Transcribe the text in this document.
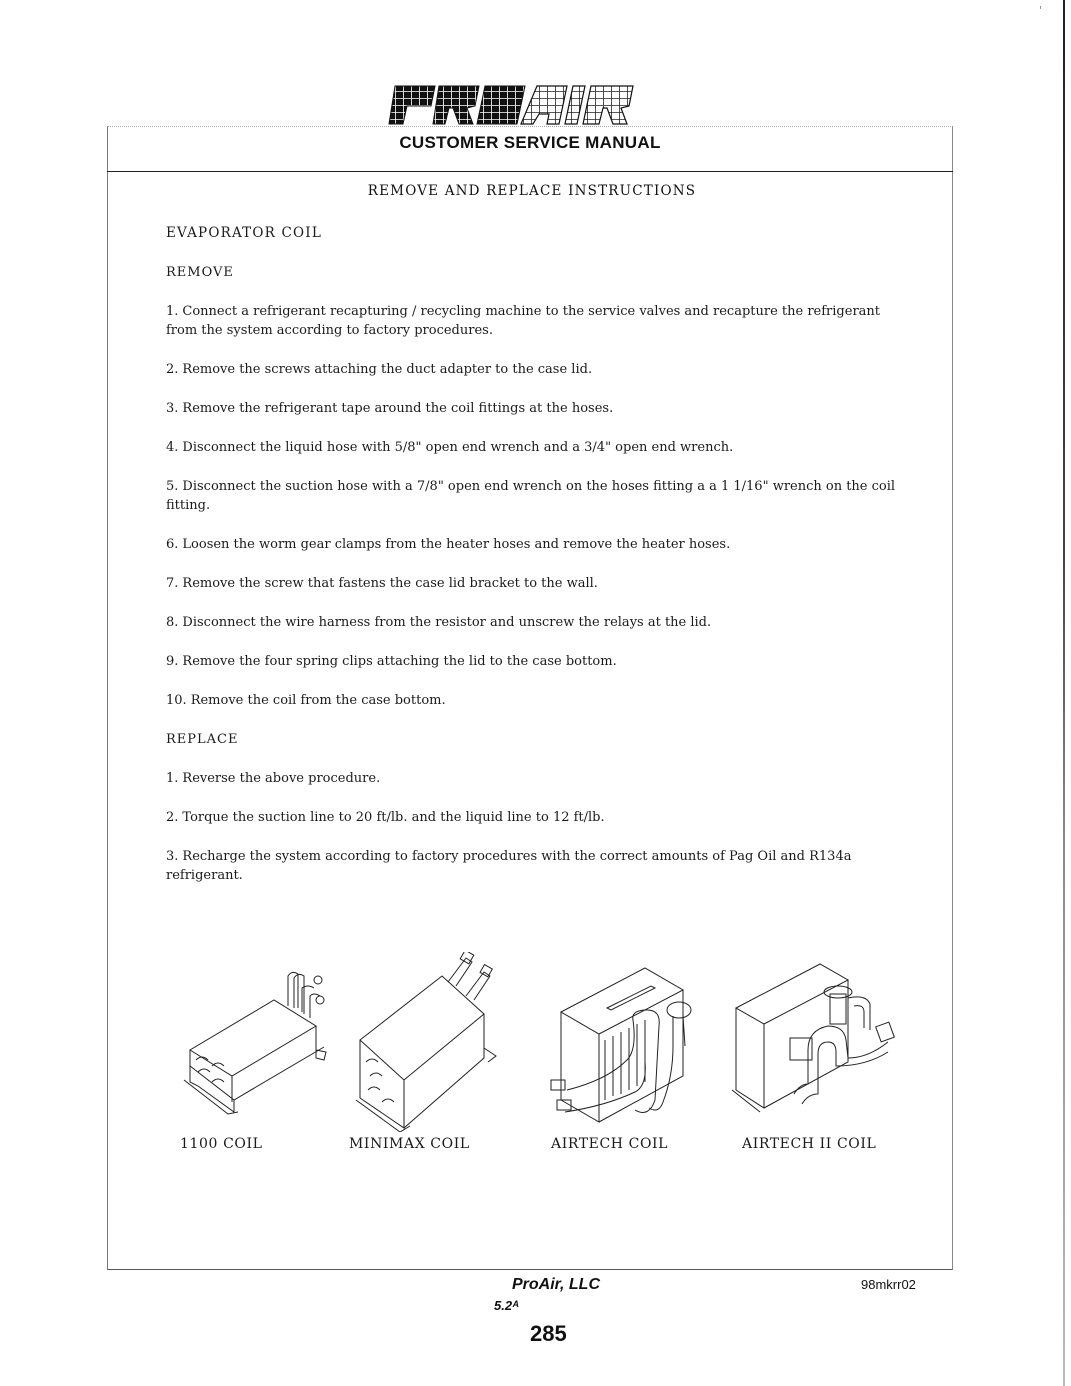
CUSTOMER SERVICE MANUAL
REMOVE AND REPLACE INSTRUCTIONS

EVAPORATOR COIL

REMOVE

1. Connect a refrigerant recapturing / recycling machine to the service valves and recapture the refrigerant from the system according to factory procedures.

2. Remove the screws attaching the duct adapter to the case lid.

3. Remove the refrigerant tape around the coil fittings at the hoses.

4. Disconnect the liquid hose with 5/8" open end wrench and a 3/4" open end wrench.

5. Disconnect the suction hose with a 7/8" open end wrench on the hoses fitting a a 1 1/16" wrench on the coil fitting.

6. Loosen the worm gear clamps from the heater hoses and remove the heater hoses.

7. Remove the screw that fastens the case lid bracket to the wall.

8. Disconnect the wire harness from the resistor and unscrew the relays at the lid.

9. Remove the four spring clips attaching the lid to the case bottom.

10. Remove the coil from the case bottom.

REPLACE

1. Reverse the above procedure.

2. Torque the suction line to 20 ft/lb. and the liquid line to 12 ft/lb.

3. Recharge the system according to factory procedures with the correct amounts of Pag Oil and R134a refrigerant.

1100 COIL	MINIMAX COIL	AIRTECH COIL	AIRTECH II COIL
ProAir, LLC	98mkrr02
5.2ᴬ
285
